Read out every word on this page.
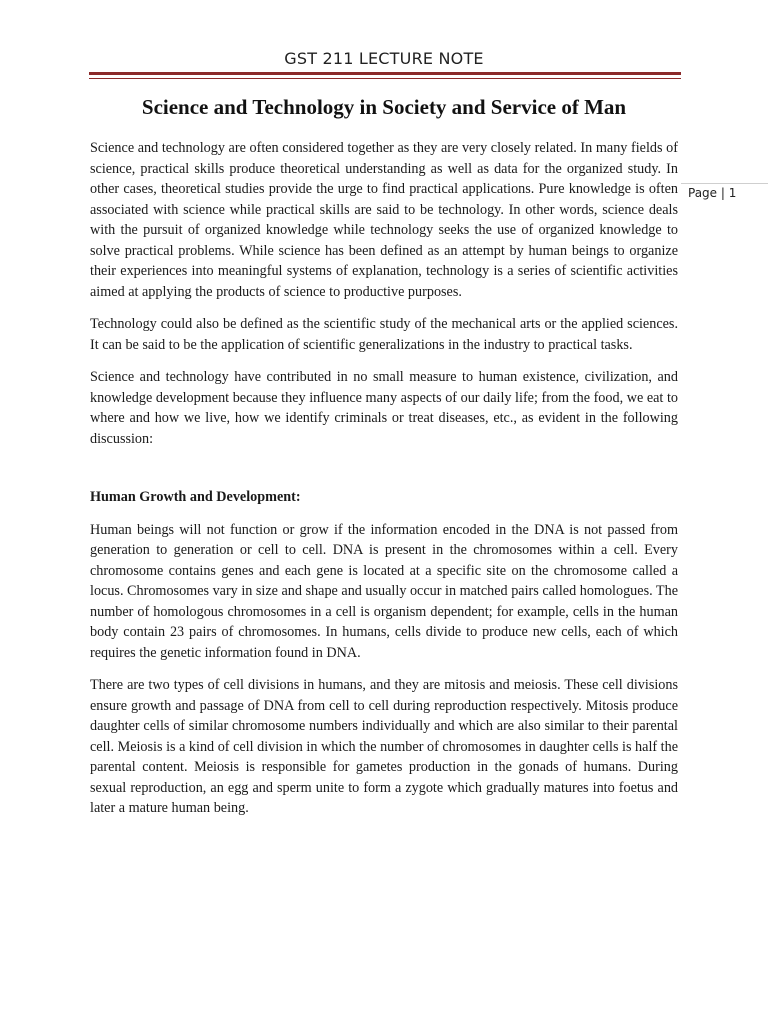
GST 211 LECTURE NOTE
Page | 1
Science and Technology in Society and Service of Man

Science and technology are often considered together as they are very closely related. In many fields of science, practical skills produce theoretical understanding as well as data for the organized study. In other cases, theoretical studies provide the urge to find practical applications. Pure knowledge is often associated with science while practical skills are said to be technology. In other words, science deals with the pursuit of organized knowledge while technology seeks the use of organized knowledge to solve practical problems. While science has been defined as an attempt by human beings to organize their experiences into meaningful systems of explanation, technology is a series of scientific activities aimed at applying the products of science to productive purposes.

Technology could also be defined as the scientific study of the mechanical arts or the applied sciences. It can be said to be the application of scientific generalizations in the industry to practical tasks.

Science and technology have contributed in no small measure to human existence, civilization, and knowledge development because they influence many aspects of our daily life; from the food, we eat to where and how we live, how we identify criminals or treat diseases, etc., as evident in the following discussion:

Human Growth and Development:

Human beings will not function or grow if the information encoded in the DNA is not passed from generation to generation or cell to cell. DNA is present in the chromosomes within a cell. Every chromosome contains genes and each gene is located at a specific site on the chromosome called a locus. Chromosomes vary in size and shape and usually occur in matched pairs called homologues. The number of homologous chromosomes in a cell is organism dependent; for example, cells in the human body contain 23 pairs of chromosomes. In humans, cells divide to produce new cells, each of which requires the genetic information found in DNA.

There are two types of cell divisions in humans, and they are mitosis and meiosis. These cell divisions ensure growth and passage of DNA from cell to cell during reproduction respectively. Mitosis produce daughter cells of similar chromosome numbers individually and which are also similar to their parental cell. Meiosis is a kind of cell division in which the number of chromosomes in daughter cells is half the parental content. Meiosis is responsible for gametes production in the gonads of humans. During sexual reproduction, an egg and sperm unite to form a zygote which gradually matures into foetus and later a mature human being.
